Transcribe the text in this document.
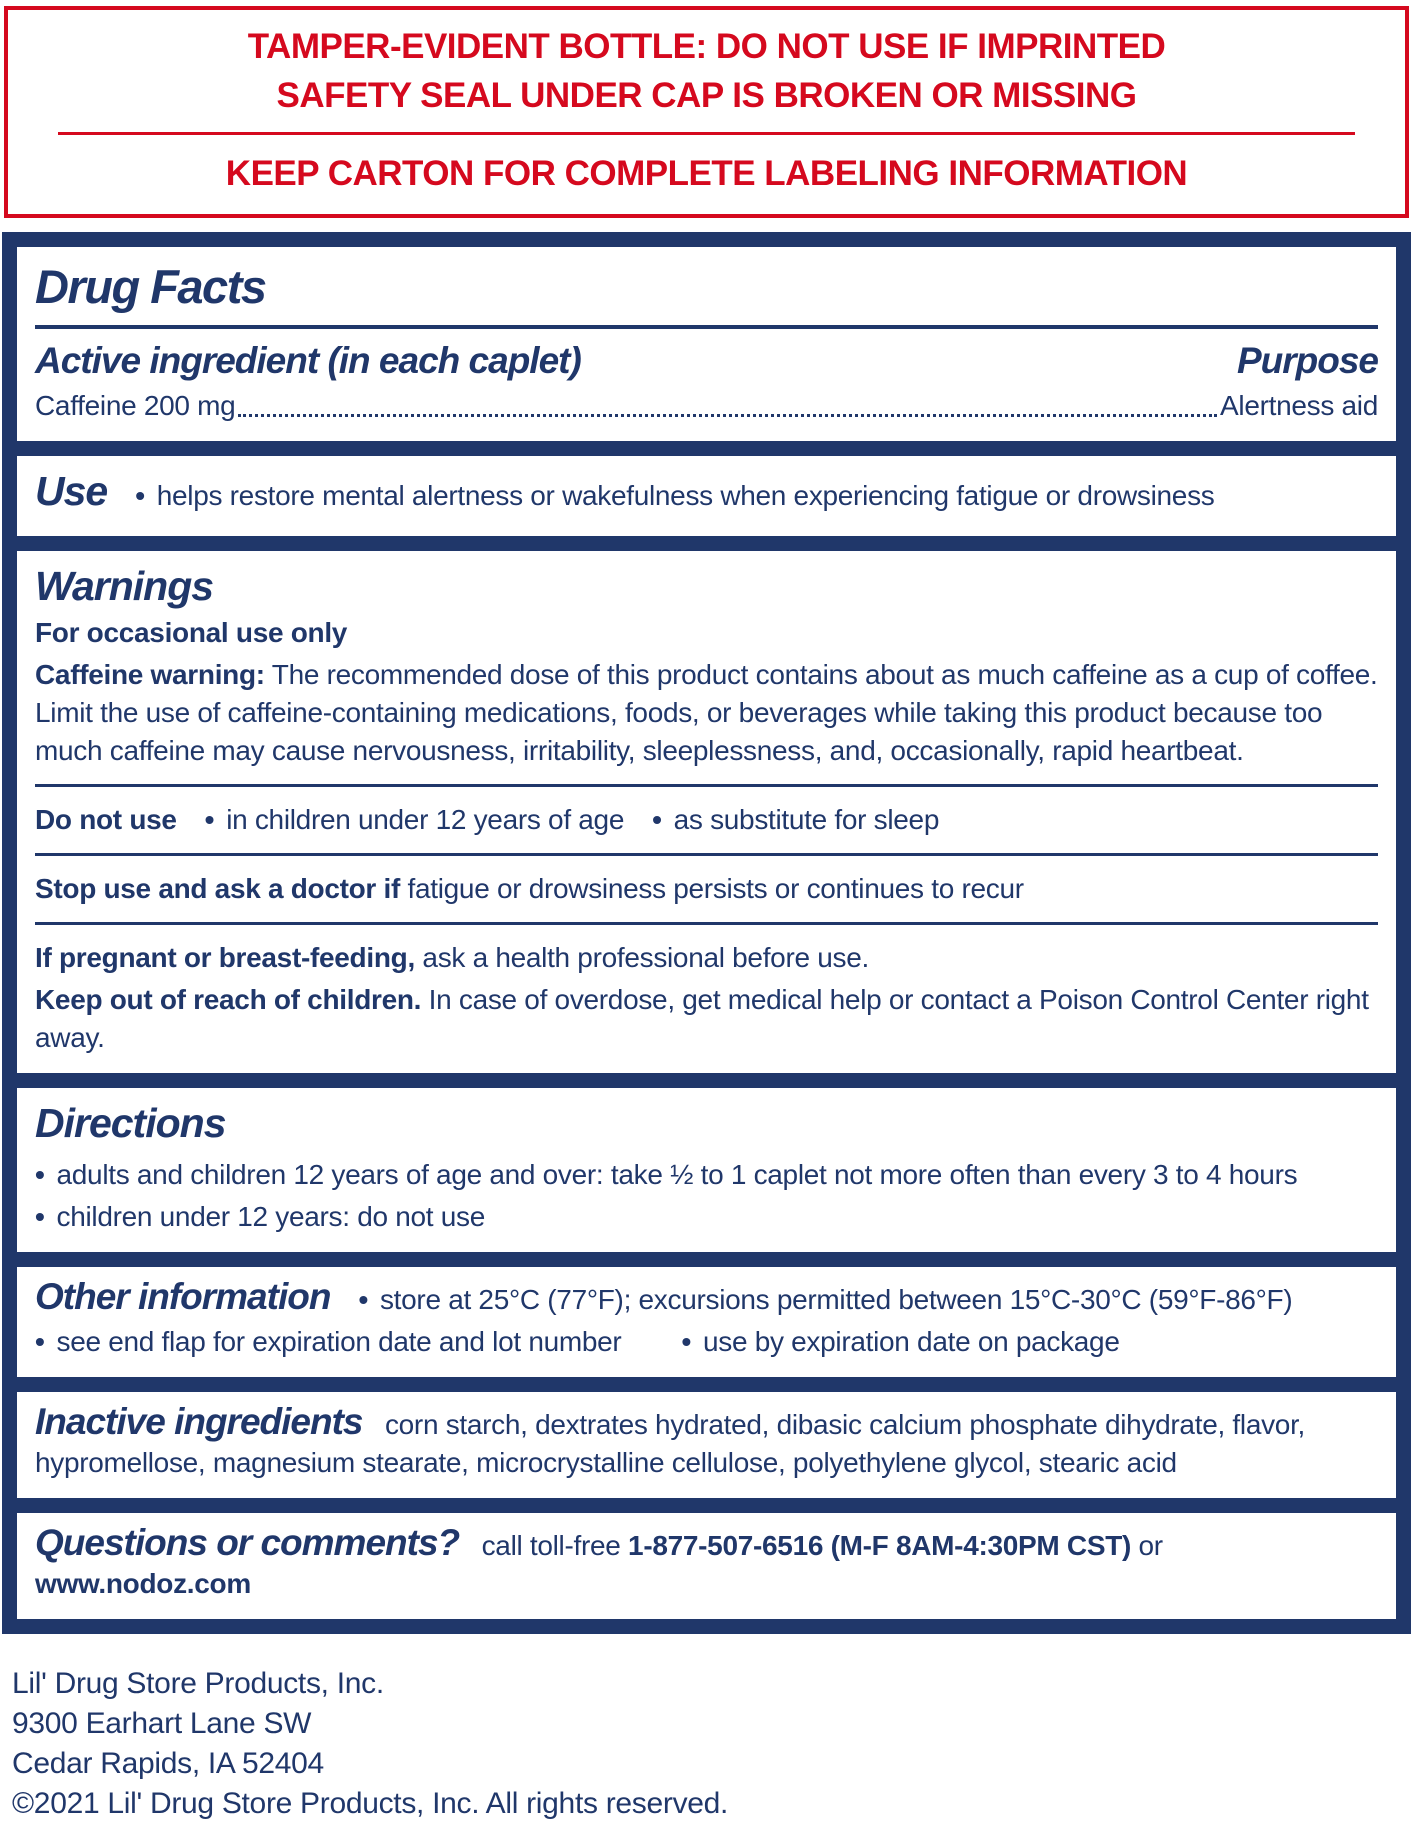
TAMPER-EVIDENT BOTTLE: DO NOT USE IF IMPRINTED
SAFETY SEAL UNDER CAP IS BROKEN OR MISSING
KEEP CARTON FOR COMPLETE LABELING INFORMATION
Drug Facts
Active ingredient (in each caplet)	Purpose
Caffeine 200 mg	Alertness aid
Use • helps restore mental alertness or wakefulness when experiencing fatigue or drowsiness
Warnings

For occasional use only

Caffeine warning: The recommended dose of this product contains about as much caffeine as a cup of coffee. Limit the use of caffeine-containing medications, foods, or beverages while taking this product because too much caffeine may cause nervousness, irritability, sleeplessness, and, occasionally, rapid heartbeat.

Do not use • in children under 12 years of age • as substitute for sleep

Stop use and ask a doctor if fatigue or drowsiness persists or continues to recur

If pregnant or breast-feeding, ask a health professional before use.

Keep out of reach of children. In case of overdose, get medical help or contact a Poison Control Center right away.

Directions
• adults and children 12 years of age and over: take ½ to 1 caplet not more often than every 3 to 4 hours
• children under 12 years: do not use
Other information • store at 25°C (77°F); excursions permitted between 15°C-30°C (59°F-86°F)
• see end flap for expiration date and lot number	• use by expiration date on package

Inactive ingredients corn starch, dextrates hydrated, dibasic calcium phosphate dihydrate, flavor, hypromellose, magnesium stearate, microcrystalline cellulose, polyethylene glycol, stearic acid

Questions or comments? call toll-free 1-877-507-6516 (M-F 8AM-4:30PM CST) or www.nodoz.com

Lil' Drug Store Products, Inc.
9300 Earhart Lane SW
Cedar Rapids, IA 52404
©2021 Lil' Drug Store Products, Inc. All rights reserved.
